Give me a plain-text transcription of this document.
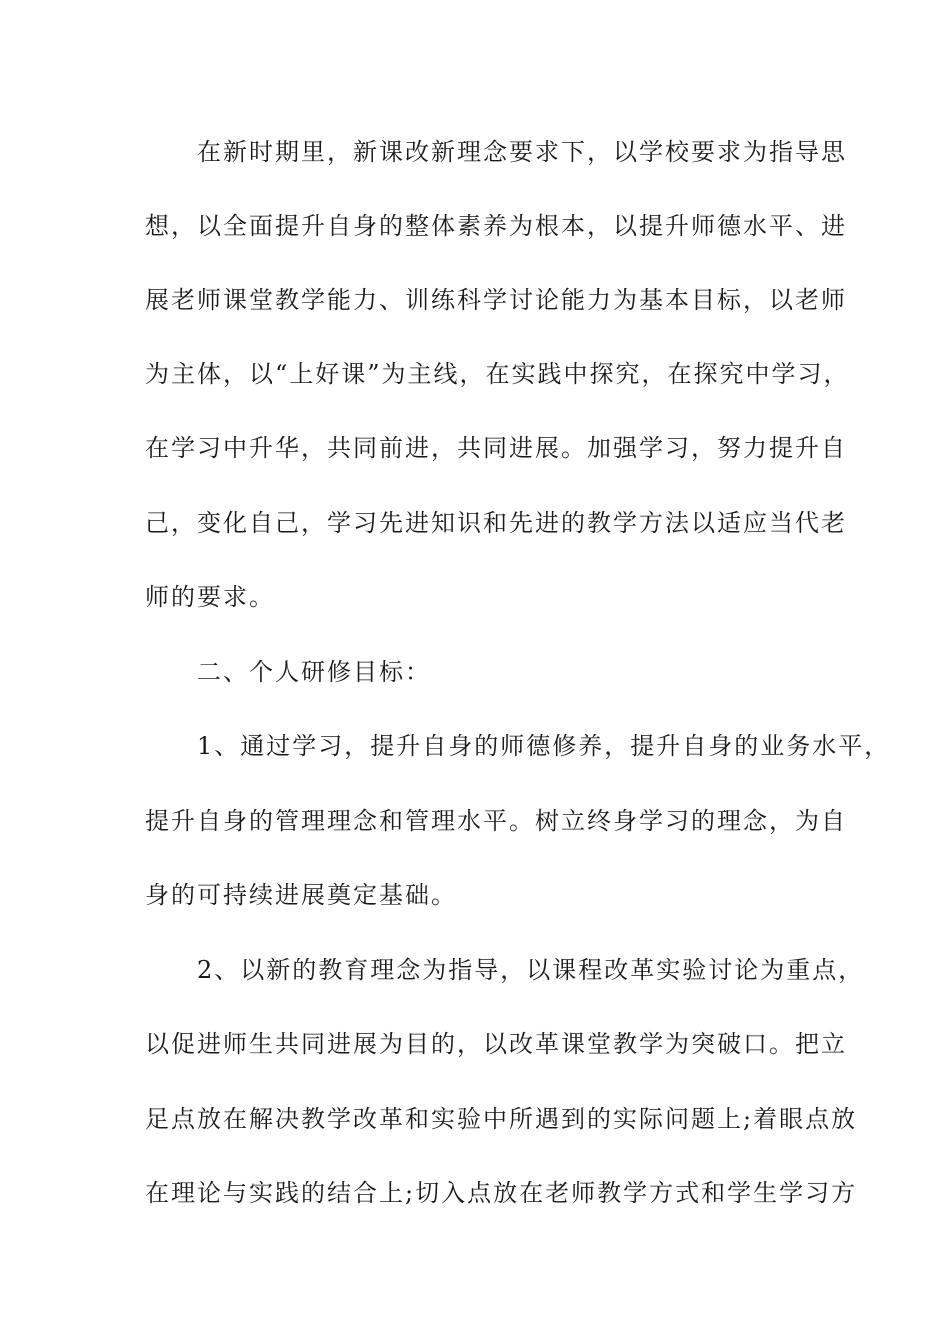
　　在新时期里，新课改新理念要求下，以学校要求为指导思
想，以全面提升自身的整体素养为根本，以提升师德水平、进
展老师课堂教学能力、训练科学讨论能力为基本目标，以老师
为主体，以“上好课”为主线，在实践中探究，在探究中学习，
在学习中升华，共同前进，共同进展。加强学习，努力提升自
己，变化自己，学习先进知识和先进的教学方法以适应当代老
师的要求。
　　二、个人研修目标：
　　1、通过学习，提升自身的师德修养，提升自身的业务水平，
提升自身的管理理念和管理水平。树立终身学习的理念，为自
身的可持续进展奠定基础。
　　2、以新的教育理念为指导，以课程改革实验讨论为重点，
以促进师生共同进展为目的，以改革课堂教学为突破口。把立
足点放在解决教学改革和实验中所遇到的实际问题上;着眼点放
在理论与实践的结合上;切入点放在老师教学方式和学生学习方
